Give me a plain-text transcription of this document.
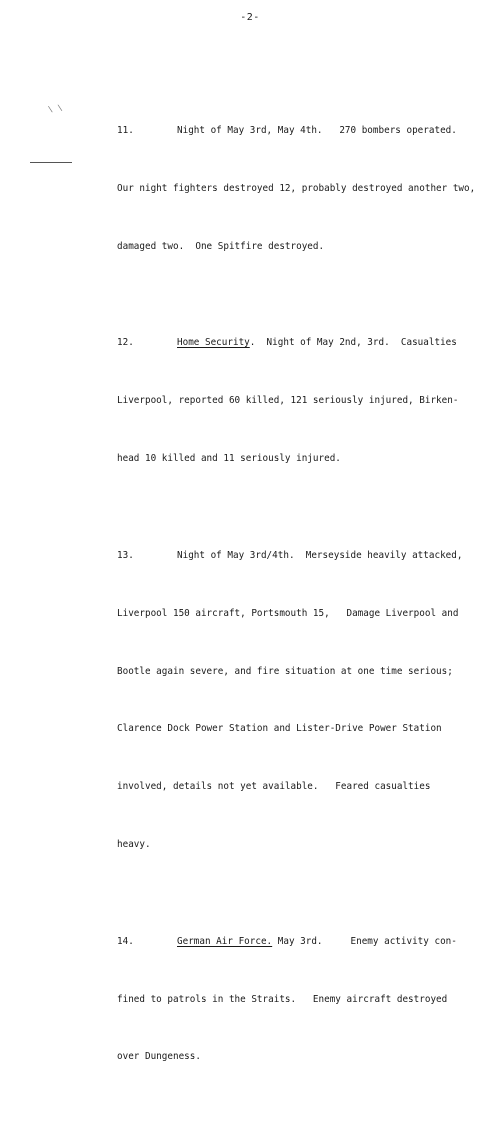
-2-
\ \

11.	Night of May 3rd, May 4th.   270 bombers operated.

Our night fighters destroyed 12, probably destroyed another two,

damaged two.  One Spitfire destroyed.

12.	Home Security.  Night of May 2nd, 3rd.  Casualties

Liverpool, reported 60 killed, 121 seriously injured, Birken-

head 10 killed and 11 seriously injured.

13.	Night of May 3rd/4th.  Merseyside heavily attacked,

Liverpool 150 aircraft, Portsmouth 15,   Damage Liverpool and

Bootle again severe, and fire situation at one time serious;

Clarence Dock Power Station and Lister-Drive Power Station

involved, details not yet available.   Feared casualties

heavy.

14.	German Air Force. May 3rd.     Enemy activity con-

fined to patrols in the Straits.   Enemy aircraft destroyed

over Dungeness.
